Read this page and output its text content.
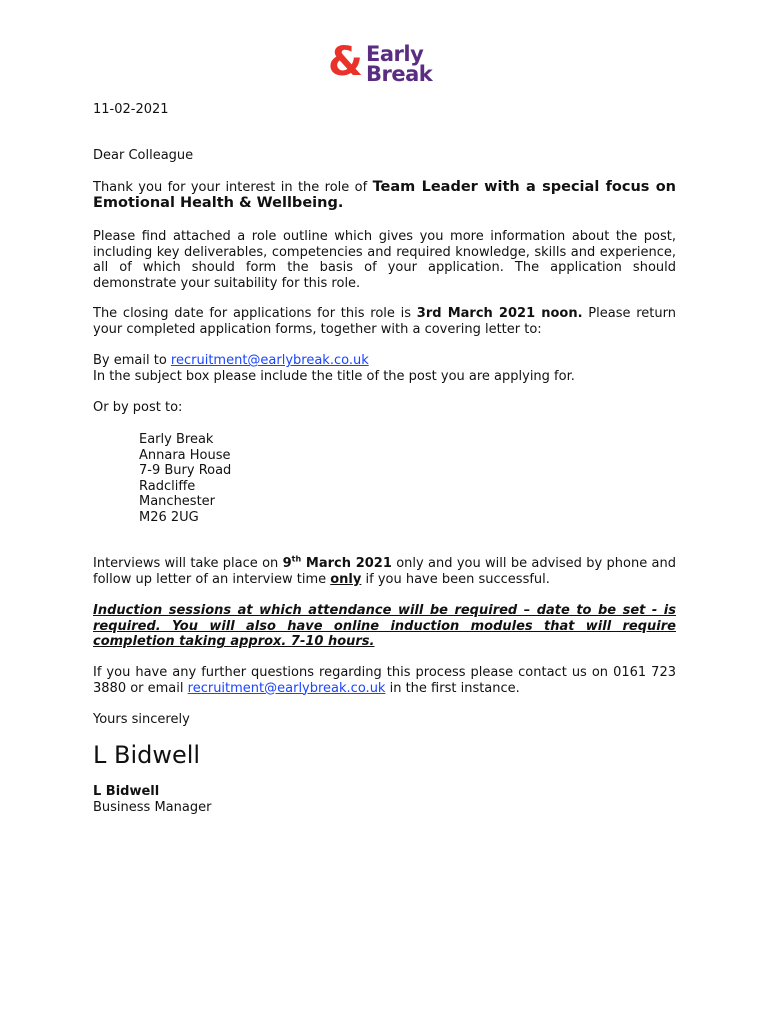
& Early
Break
11-02-2021
Dear Colleague
Thank you for your interest in the role of Team Leader with a special focus on Emotional Health & Wellbeing.
Please find attached a role outline which gives you more information about the post, including key deliverables, competencies and required knowledge, skills and experience, all of which should form the basis of your application. The application should demonstrate your suitability for this role.
The closing date for applications for this role is 3rd March 2021 noon. Please return your completed application forms, together with a covering letter to:
By email to recruitment@earlybreak.co.uk
In the subject box please include the title of the post you are applying for.
Or by post to:
Early Break
Annara House
7-9 Bury Road
Radcliffe
Manchester
M26 2UG
Interviews will take place on 9th March 2021 only and you will be advised by phone and follow up letter of an interview time only if you have been successful.
Induction sessions at which attendance will be required – date to be set - is required. You will also have online induction modules that will require completion taking approx. 7-10 hours.
If you have any further questions regarding this process please contact us on 0161 723 3880 or email recruitment@earlybreak.co.uk in the first instance.
Yours sincerely
L Bidwell
L Bidwell
Business Manager
